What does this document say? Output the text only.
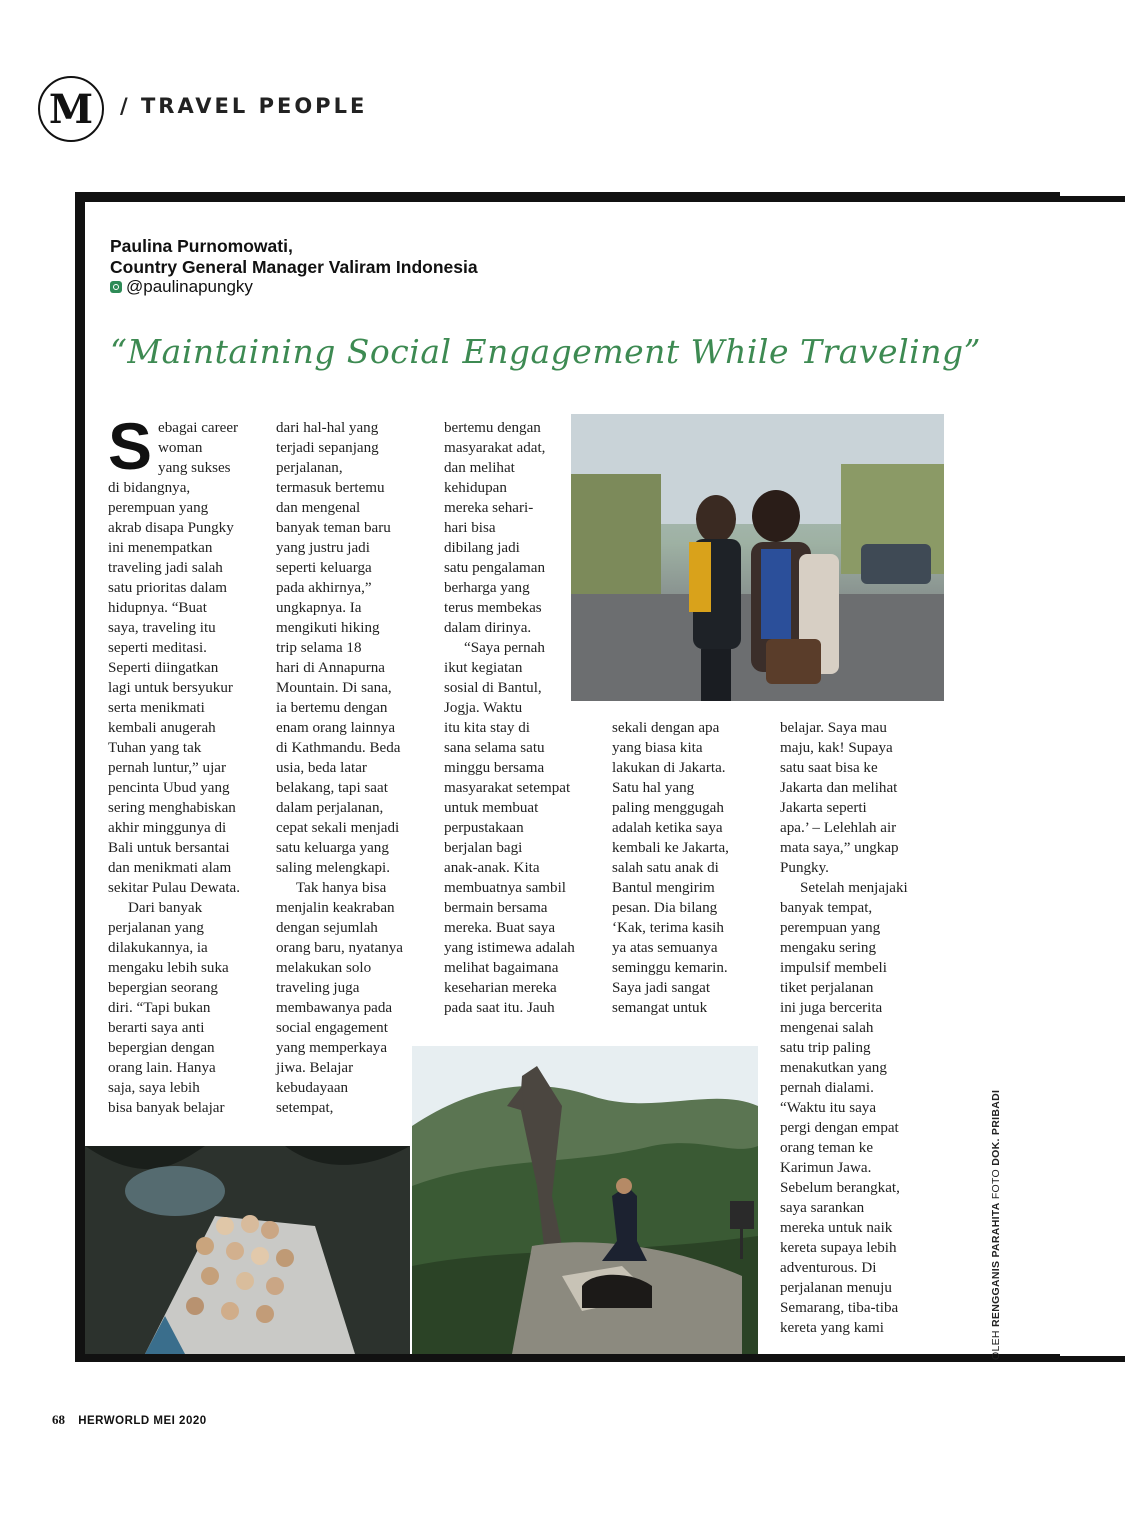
M	/ TRAVEL PEOPLE
Paulina Purnomowati,
Country General Manager Valiram Indonesia
@paulinapungky
“Maintaining Social Engagement While Traveling”
S ebagai career
woman
yang sukses
di bidangnya,
perempuan yang
akrab disapa Pungky
ini menempatkan
traveling jadi salah
satu prioritas dalam
hidupnya. “Buat
saya, traveling itu
seperti meditasi.
Seperti diingatkan
lagi untuk bersyukur
serta menikmati
kembali anugerah
Tuhan yang tak
pernah luntur,” ujar
pencinta Ubud yang
sering menghabiskan
akhir minggunya di
Bali untuk bersantai
dan menikmati alam
sekitar Pulau Dewata.
Dari banyak
perjalanan yang
dilakukannya, ia
mengaku lebih suka
bepergian seorang
diri. “Tapi bukan
berarti saya anti
bepergian dengan
orang lain. Hanya
saja, saya lebih
bisa banyak belajar
dari hal-hal yang
terjadi sepanjang
perjalanan,
termasuk bertemu
dan mengenal
banyak teman baru
yang justru jadi
seperti keluarga
pada akhirnya,”
ungkapnya. Ia
mengikuti hiking
trip selama 18
hari di Annapurna
Mountain. Di sana,
ia bertemu dengan
enam orang lainnya
di Kathmandu. Beda
usia, beda latar
belakang, tapi saat
dalam perjalanan,
cepat sekali menjadi
satu keluarga yang
saling melengkapi.
Tak hanya bisa
menjalin keakraban
dengan sejumlah
orang baru, nyatanya
melakukan solo
traveling juga
membawanya pada
social engagement
yang memperkaya
jiwa. Belajar
kebudayaan
setempat,
bertemu dengan
masyarakat adat,
dan melihat
kehidupan
mereka sehari-
hari bisa
dibilang jadi
satu pengalaman
berharga yang
terus membekas
dalam dirinya.
“Saya pernah
ikut kegiatan
sosial di Bantul,
Jogja. Waktu
itu kita stay di
sana selama satu
minggu bersama
masyarakat setempat
untuk membuat
perpustakaan
berjalan bagi
anak-anak. Kita
membuatnya sambil
bermain bersama
mereka. Buat saya
yang istimewa adalah
melihat bagaimana
keseharian mereka
pada saat itu. Jauh
sekali dengan apa
yang biasa kita
lakukan di Jakarta.
Satu hal yang
paling menggugah
adalah ketika saya
kembali ke Jakarta,
salah satu anak di
Bantul mengirim
pesan. Dia bilang
‘Kak, terima kasih
ya atas semuanya
seminggu kemarin.
Saya jadi sangat
semangat untuk
belajar. Saya mau
maju, kak! Supaya
satu saat bisa ke
Jakarta dan melihat
Jakarta seperti
apa.’ – Lelehlah air
mata saya,” ungkap
Pungky.
Setelah menjajaki
banyak tempat,
perempuan yang
mengaku sering
impulsif membeli
tiket perjalanan
ini juga bercerita
mengenai salah
satu trip paling
menakutkan yang
pernah dialami.
“Waktu itu saya
pergi dengan empat
orang teman ke
Karimun Jawa.
Sebelum berangkat,
saya sarankan
mereka untuk naik
kereta supaya lebih
adventurous. Di
perjalanan menuju
Semarang, tiba-tiba
kereta yang kami
OLEH RENGGANIS PARAHITA FOTO DOK. PRIBADI
68 HERWORLD MEI 2020
